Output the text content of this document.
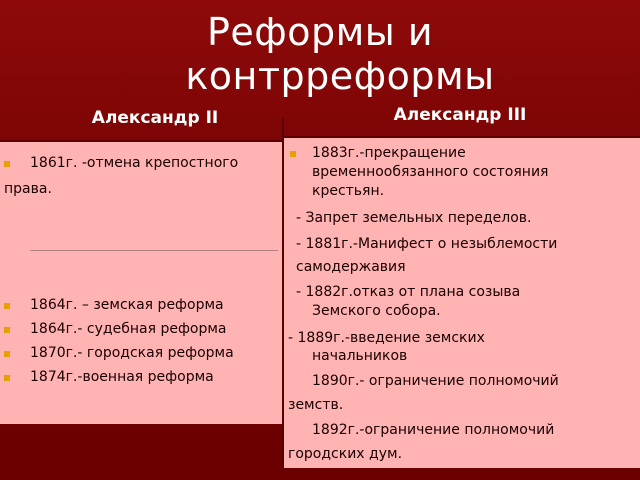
Реформы и
контрреформы
Александр II	Александр III
1861г. -отмена крепостного
права.
1864г. – земская реформа
1864г.- судебная реформа
1870г.- городская реформа
1874г.-военная реформа
1883г.-прекращение
временнообязанного состояния
крестьян.
- Запрет земельных переделов.
- 1881г.-Манифест о незыблемости
самодержавия
- 1882г.отказ от плана созыва
Земского собора.
- 1889г.-введение земских
начальников
1890г.- ограничение полномочий
земств.
1892г.-ограничение полномочий
городских дум.
